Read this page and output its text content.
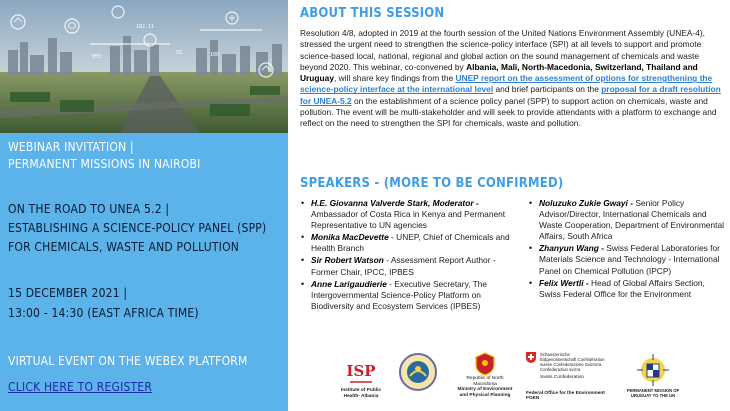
182.11
055
55	100
WEBINAR INVITATION |
PERMANENT MISSIONS IN NAIROBI
ON THE ROAD TO UNEA 5.2 |
ESTABLISHING A SCIENCE-POLICY PANEL (SPP)
FOR CHEMICALS, WASTE AND POLLUTION
15 DECEMBER 2021 |
13:00 - 14:30 (EAST AFRICA TIME)
VIRTUAL EVENT ON THE WEBEX PLATFORM
CLICK HERE TO REGISTER
ABOUT THIS SESSION

Resolution 4/8, adopted in 2019 at the fourth session of the United Nations Environment Assembly (UNEA-4), stressed the urgent need to strengthen the science-policy interface (SPI) at all levels to support and promote science-based local, national, regional and global action on the sound management of chemicals and waste beyond 2020. This webinar, co-convened by Albania, Mali, North-Macedonia, Switzerland, Thailand and Uruguay, will share key findings from the UNEP report on the assessment of options for strengthening the science-policy interface at the international level and brief participants on the proposal for a draft resolution for UNEA-5.2 on the establishment of a science policy panel (SPP) to support action on chemicals, waste and pollution. The event will be multi-stakeholder and will seek to provide attendants with a platform to exchange and reflect on the need to strengthen the SPI for chemicals, waste and pollution.

SPEAKERS - (MORE TO BE CONFIRMED)
• H.E. Giovanna Valverde Stark, Moderator - Ambassador of Costa Rica in Kenya and Permanent Representative to UN agencies
• Monika MacDevette - UNEP, Chief of Chemicals and Health Branch
• Sir Robert Watson - Assessment Report Author - Former Chair, IPCC, IPBES
• Anne Larigaudierie - Executive Secretary, The Intergovernmental Science-Policy Platform on Biodiversity and Ecosystem Services (IPBES)
• Noluzuko Zukie Gwayi - Senior Policy Advisor/Director, International Chemicals and Waste Cooperation, Department of Environmental Affairs, South Africa
• Zhanyun Wang - Swiss Federal Laboratories for Materials Science and Technology - International Panel on Chemical Pollution (IPCP)
• Felix Wertli - Head of Global Affairs Section, Swiss Federal Office for the Environment
ISP
Institute of Public Health- Albania
Republic of North Macedonia
Ministry of Environment and Physical Planning
Schweizerische Eidgenossenschaft Confédération suisse Confederazione Svizzera Confederaziun svizra
Swiss Confederation
Federal Office for the Environment FOEN
PERMANENT MISSION OF URUGUAY TO THE UN
